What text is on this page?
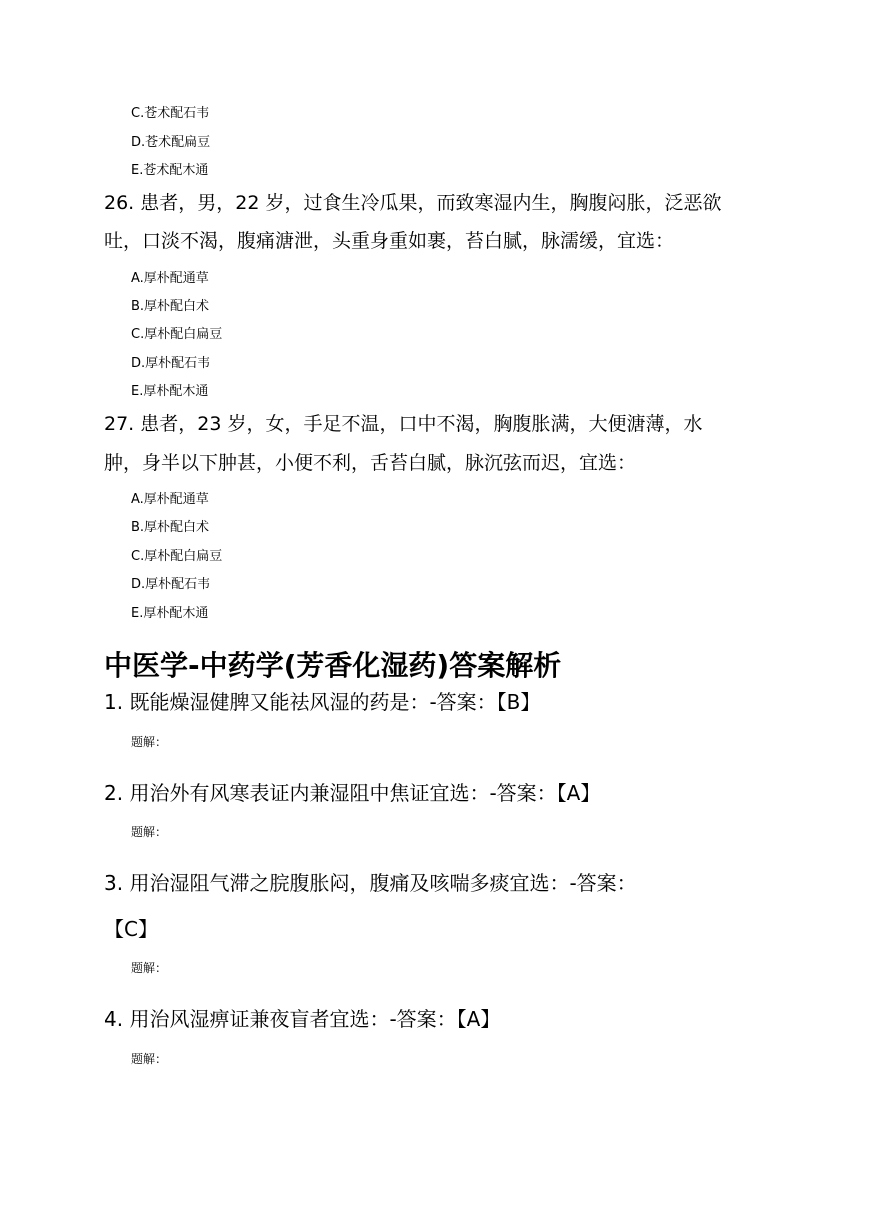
C.苍术配石韦
D.苍术配扁豆
E.苍术配木通
26. 患者，男，22 岁，过食生冷瓜果，而致寒湿内生，胸腹闷胀，泛恶欲
吐，口淡不渴，腹痛溏泄，头重身重如裹，苔白腻，脉濡缓，宜选：
A.厚朴配通草
B.厚朴配白术
C.厚朴配白扁豆
D.厚朴配石韦
E.厚朴配木通
27. 患者，23 岁，女，手足不温，口中不渴，胸腹胀满，大便溏薄，水
肿，身半以下肿甚，小便不利，舌苔白腻，脉沉弦而迟，宜选：
A.厚朴配通草
B.厚朴配白术
C.厚朴配白扁豆
D.厚朴配石韦
E.厚朴配木通
中医学-中药学(芳香化湿药)答案解析
1. 既能燥湿健脾又能祛风湿的药是：-答案：【B】
题解：
2. 用治外有风寒表证内兼湿阻中焦证宜选：-答案：【A】
题解：
3. 用治湿阻气滞之脘腹胀闷，腹痛及咳喘多痰宜选：-答案：
【C】
题解：
4. 用治风湿痹证兼夜盲者宜选：-答案：【A】
题解：
